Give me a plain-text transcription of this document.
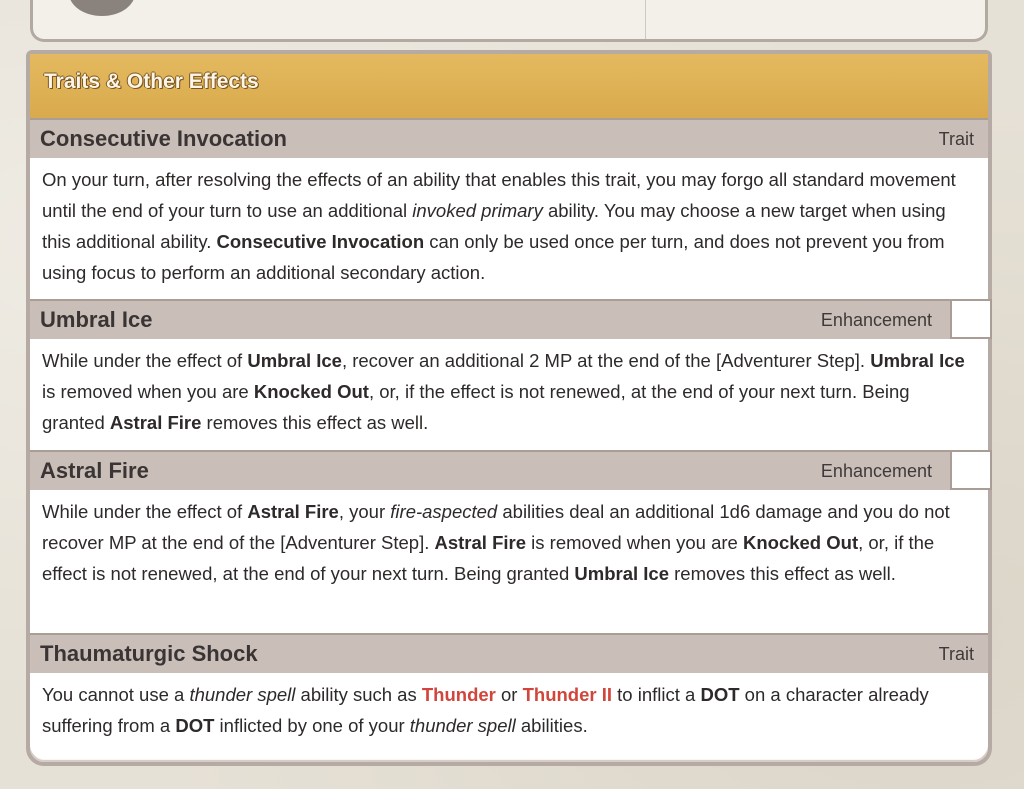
Traits & Other Effects
Consecutive Invocation	Trait
On your turn, after resolving the effects of an ability that enables this trait, you may forgo all standard movement until the end of your turn to use an additional invoked primary ability. You may choose a new target when using this additional ability. Consecutive Invocation can only be used once per turn, and does not prevent you from using focus to perform an additional secondary action.
Umbral Ice	Enhancement
While under the effect of Umbral Ice, recover an additional 2 MP at the end of the [Adventurer Step]. Umbral Ice is removed when you are Knocked Out, or, if the effect is not renewed, at the end of your next turn. Being granted Astral Fire removes this effect as well.
Astral Fire	Enhancement
While under the effect of Astral Fire, your fire-aspected abilities deal an additional 1d6 damage and you do not recover MP at the end of the [Adventurer Step]. Astral Fire is removed when you are Knocked Out, or, if the effect is not renewed, at the end of your next turn. Being granted Umbral Ice removes this effect as well.
Thaumaturgic Shock	Trait
You cannot use a thunder spell ability such as Thunder or Thunder II to inflict a DOT on a character already suffering from a DOT inflicted by one of your thunder spell abilities.
